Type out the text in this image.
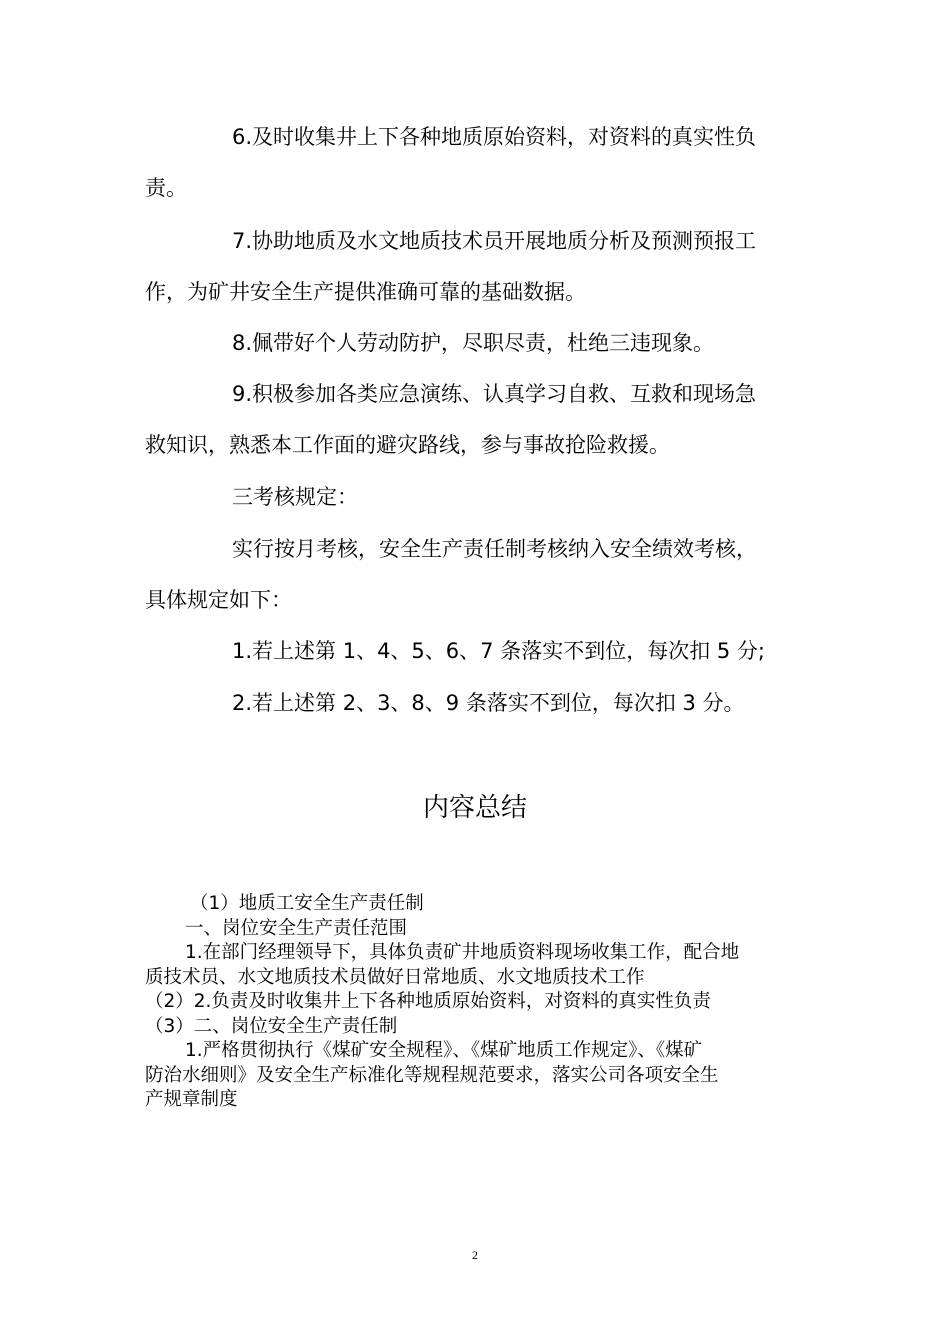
6.及时收集井上下各种地质原始资料，对资料的真实性负
责。
7.协助地质及水文地质技术员开展地质分析及预测预报工
作，为矿井安全生产提供准确可靠的基础数据。
8.佩带好个人劳动防护，尽职尽责，杜绝三违现象。
9.积极参加各类应急演练、认真学习自救、互救和现场急
救知识，熟悉本工作面的避灾路线，参与事故抢险救援。
三考核规定：
实行按月考核，安全生产责任制考核纳入安全绩效考核，
具体规定如下：
1.若上述第 1、4、5、6、7 条落实不到位，每次扣 5 分;
2.若上述第 2、3、8、9 条落实不到位，每次扣 3 分。
内容总结
（1）地质工安全生产责任制
一、岗位安全生产责任范围
1.在部门经理领导下，具体负责矿井地质资料现场收集工作，配合地
质技术员、水文地质技术员做好日常地质、水文地质技术工作
（2）2.负责及时收集井上下各种地质原始资料，对资料的真实性负责
（3）二、岗位安全生产责任制
1.严格贯彻执行《煤矿安全规程》、《煤矿地质工作规定》、《煤矿
防治水细则》及安全生产标准化等规程规范要求，落实公司各项安全生
产规章制度
2
